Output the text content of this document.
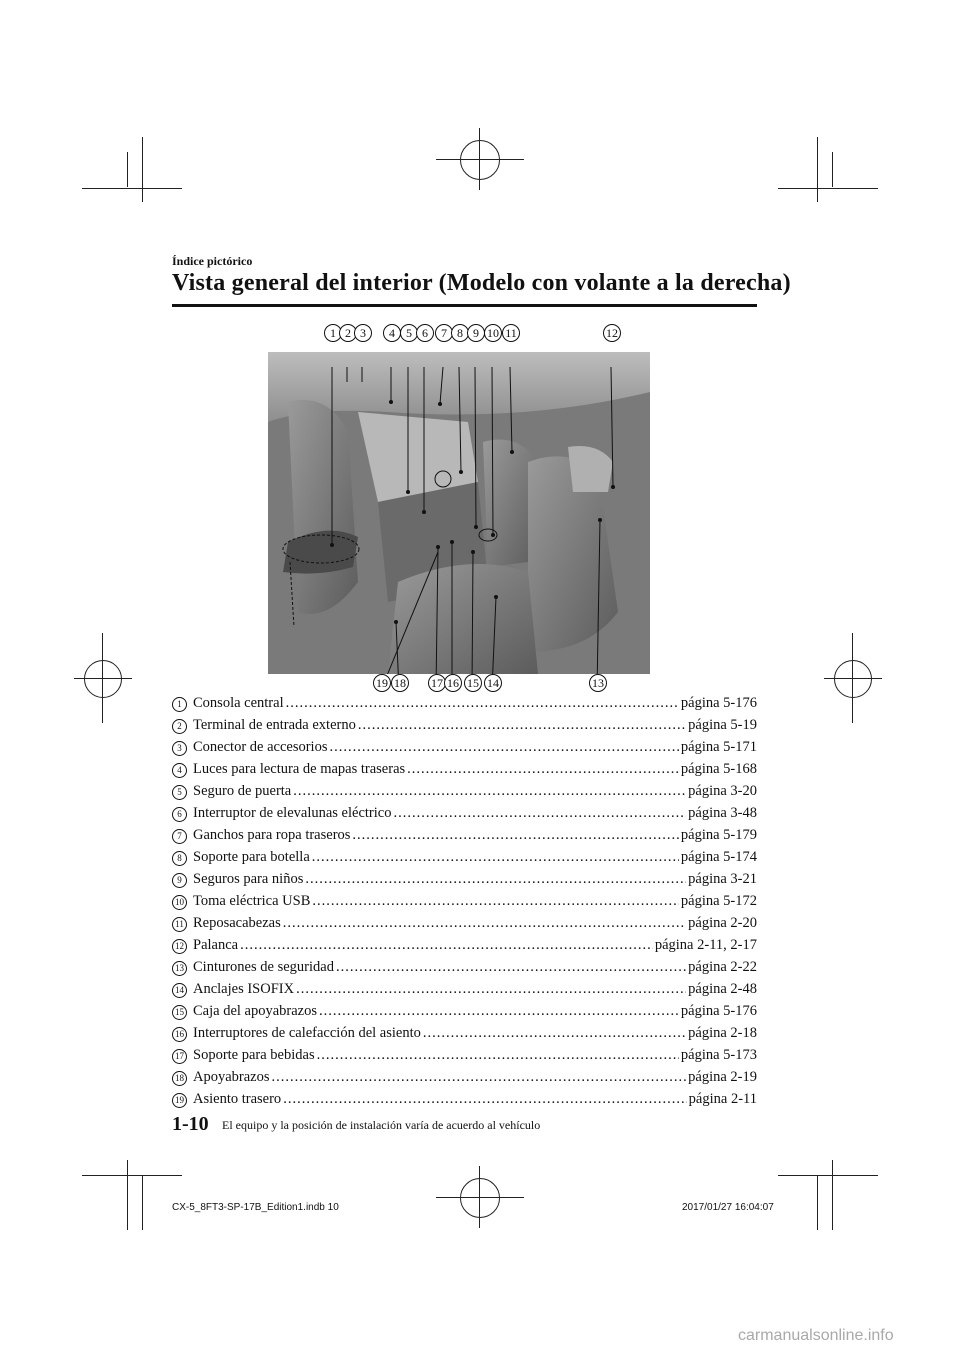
Índice pictórico
Vista general del interior (Modelo con volante a la derecha)
1 2 3	4 5 6	7 8 9 10 11	12
19 18 17 16 15 14	13
1 Consola central .....	página 5-176
2 Terminal de entrada externo .....	página 5-19
3 Conector de accesorios .....	página 5-171
4 Luces para lectura de mapas traseras .....	página 5-168
5 Seguro de puerta .....	página 3-20
6 Interruptor de elevalunas eléctrico .....	página 3-48
7 Ganchos para ropa traseros .....	página 5-179
8 Soporte para botella .....	página 5-174
9 Seguros para niños .....	página 3-21
10 Toma eléctrica USB .....	página 5-172
11 Reposacabezas .....	página 2-20
12 Palanca .....	página 2-11, 2-17
13 Cinturones de seguridad .....	página 2-22
14 Anclajes ISOFIX .....	página 2-48
15 Caja del apoyabrazos .....	página 5-176
16 Interruptores de calefacción del asiento .....	página 2-18
17 Soporte para bebidas .....	página 5-173
18 Apoyabrazos .....	página 2-19
19 Asiento trasero .....	página 2-11
1-10 El equipo y la posición de instalación varía de acuerdo al vehículo
CX-5_8FT3-SP-17B_Edition1.indb 10	2017/01/27 16:04:07
carmanualsonline.info
